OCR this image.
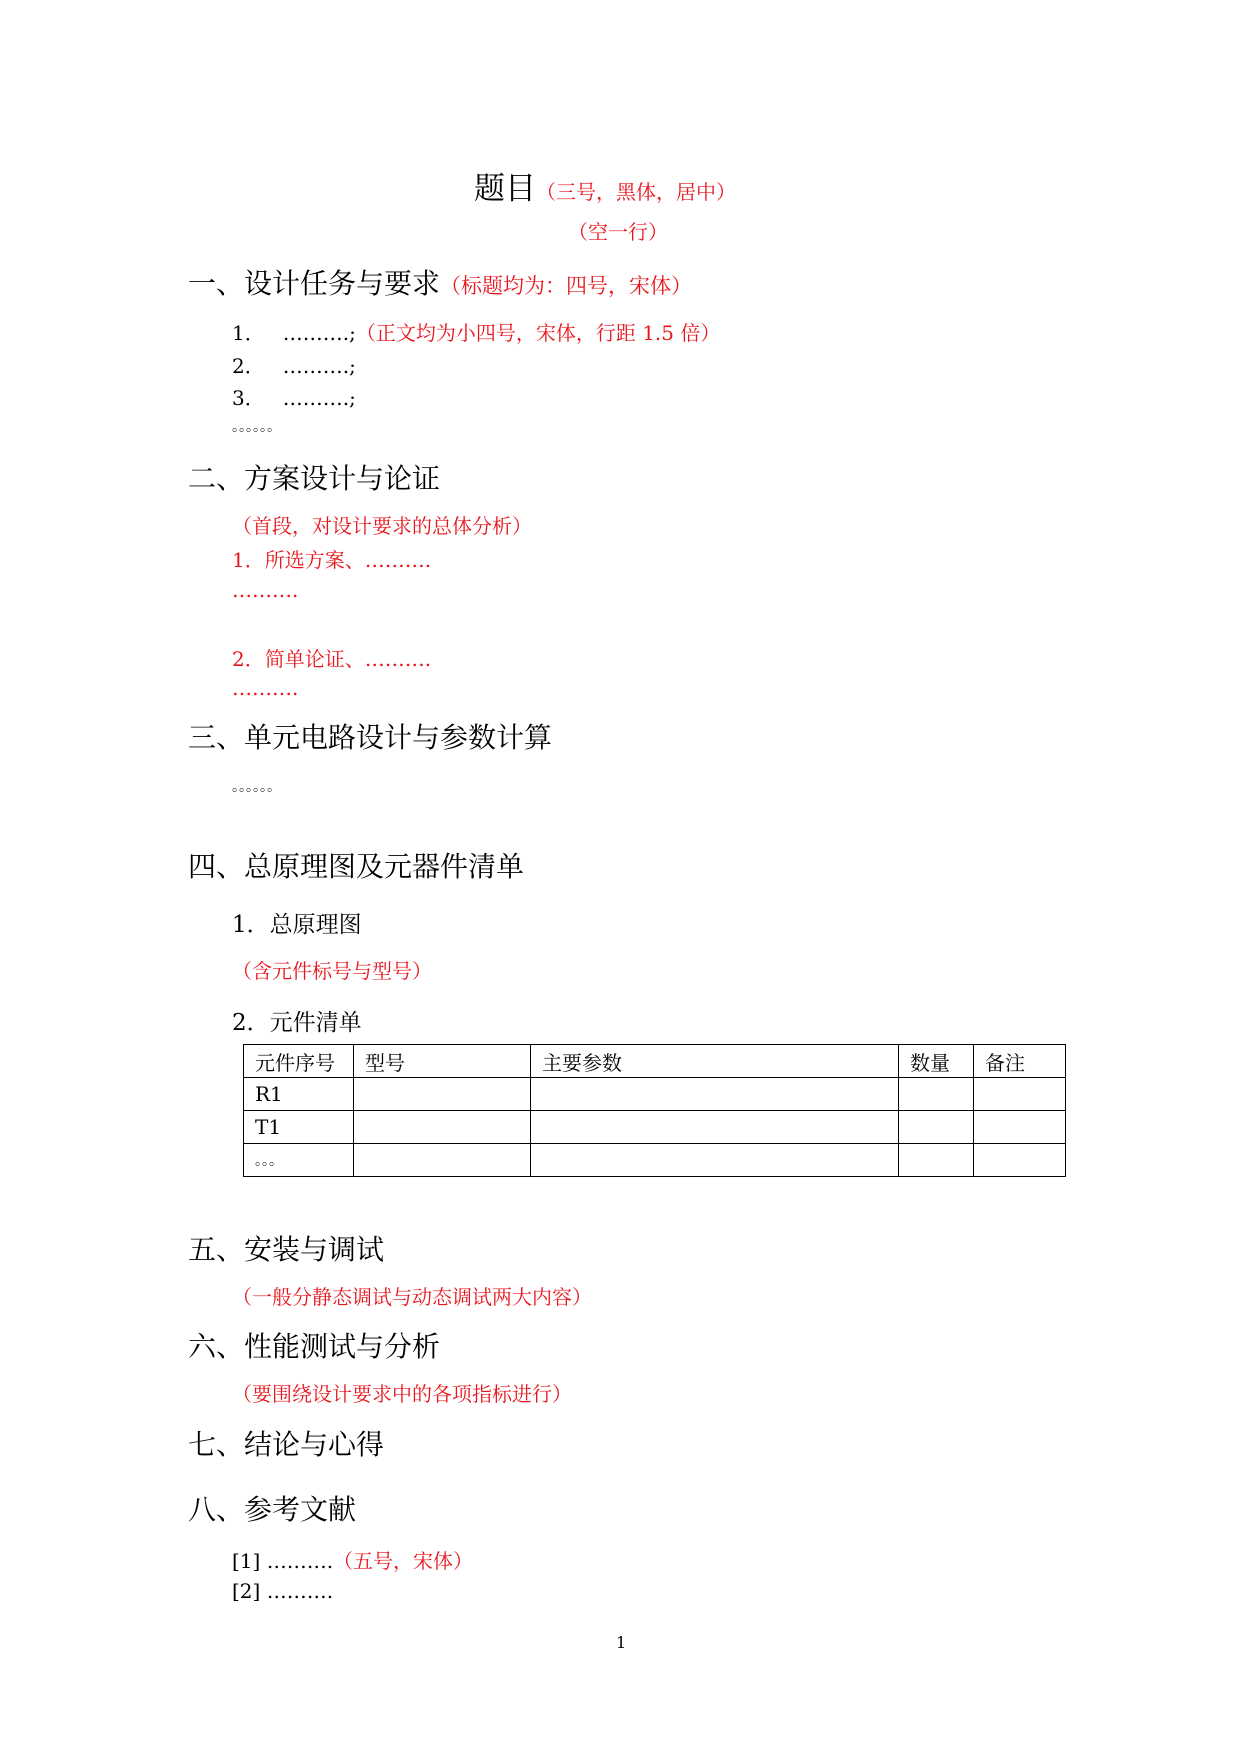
题目（三号，黑体，居中）
（空一行）
一、设计任务与要求（标题均为：四号，宋体）
1． ……….;（正文均为小四号，宋体，行距 1.5 倍）
2． ……….;
3． ……….;
。。。。。。
二、方案设计与论证
（首段，对设计要求的总体分析）
1．所选方案、……….
……….
2．简单论证、……….
……….
三、单元电路设计与参数计算
。。。。。。
四、总原理图及元器件清单
1．总原理图
（含元件标号与型号）
2．元件清单
元件序号	型号	主要参数	数量	备注
R1				
T1				
。。。				
五、安装与调试
（一般分静态调试与动态调试两大内容）
六、性能测试与分析
（要围绕设计要求中的各项指标进行）
七、结论与心得
八、参考文献
[1] ……….（五号，宋体）
[2] ……….
1
